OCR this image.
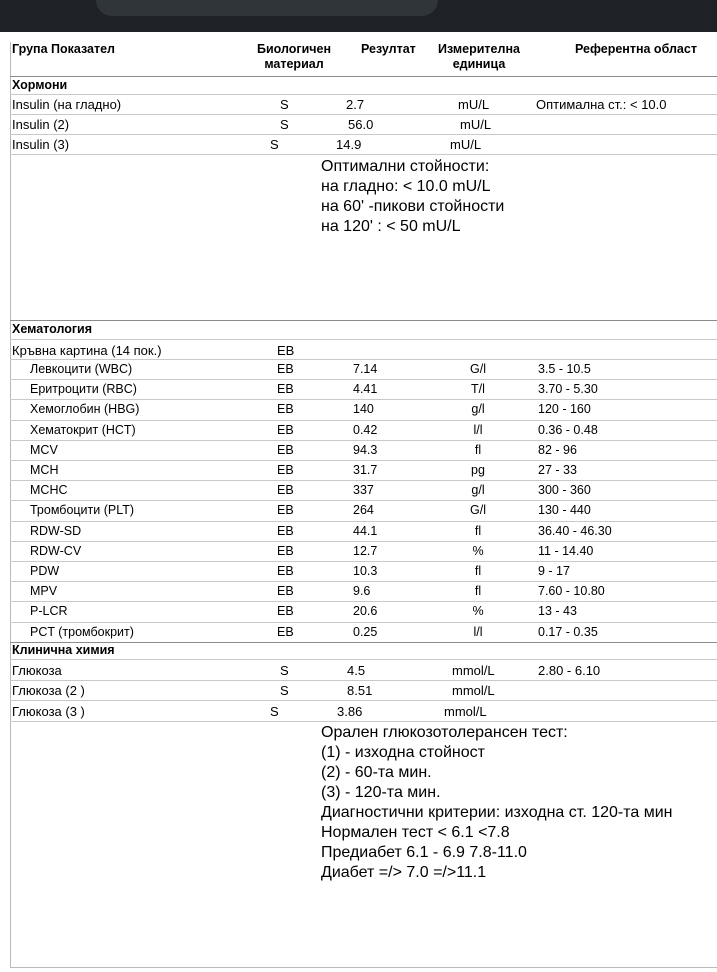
Група Показател	Биологичен
материал
Резултат	Измерителна
единица
Референтна област
Хормони
Insulin (на гладно)	S	2.7	mU/L	Оптимална ст.: < 10.0
Insulin (2)	S	56.0	mU/L
Insulin (3)	S	14.9	mU/L
Оптимални стойности:
на гладно: < 10.0 mU/L
на 60' -пикови стойности
на 120' : < 50 mU/L
Хематология
Кръвна картина (14 пок.)	EB
Левкоцити (WBC)	EB	7.14	G/l	3.5 - 10.5
Еритроцити (RBC)	EB	4.41	T/l	3.70 - 5.30
Хемоглобин (HBG)	EB	140	g/l	120 - 160
Хематокрит (HCT)	EB	0.42	l/l	0.36 - 0.48
MCV	EB	94.3	fl	82 - 96
MCH	EB	31.7	pg	27 - 33
MCHC	EB	337	g/l	300 - 360
Тромбоцити (PLT)	EB	264	G/l	130 - 440
RDW-SD	EB	44.1	fl	36.40 - 46.30
RDW-CV	EB	12.7	%	11 - 14.40
PDW	EB	10.3	fl	9 - 17
MPV	EB	9.6	fl	7.60 - 10.80
P-LCR	EB	20.6	%	13 - 43
PCT (тромбокрит)	EB	0.25	l/l	0.17 - 0.35
Клинична химия
Глюкоза	S	4.5	mmol/L	2.80 - 6.10
Глюкоза (2 )	S	8.51	mmol/L
Глюкоза (3 )	S	3.86	mmol/L
Орален глюкозотолерансен тест:
(1) - изходна стойност
(2) - 60-та мин.
(3) - 120-та мин.
Диагностични критерии: изходна ст. 120-та мин
Нормален тест < 6.1 <7.8
Предиабет 6.1 - 6.9 7.8-11.0
Диабет =/> 7.0 =/>11.1
